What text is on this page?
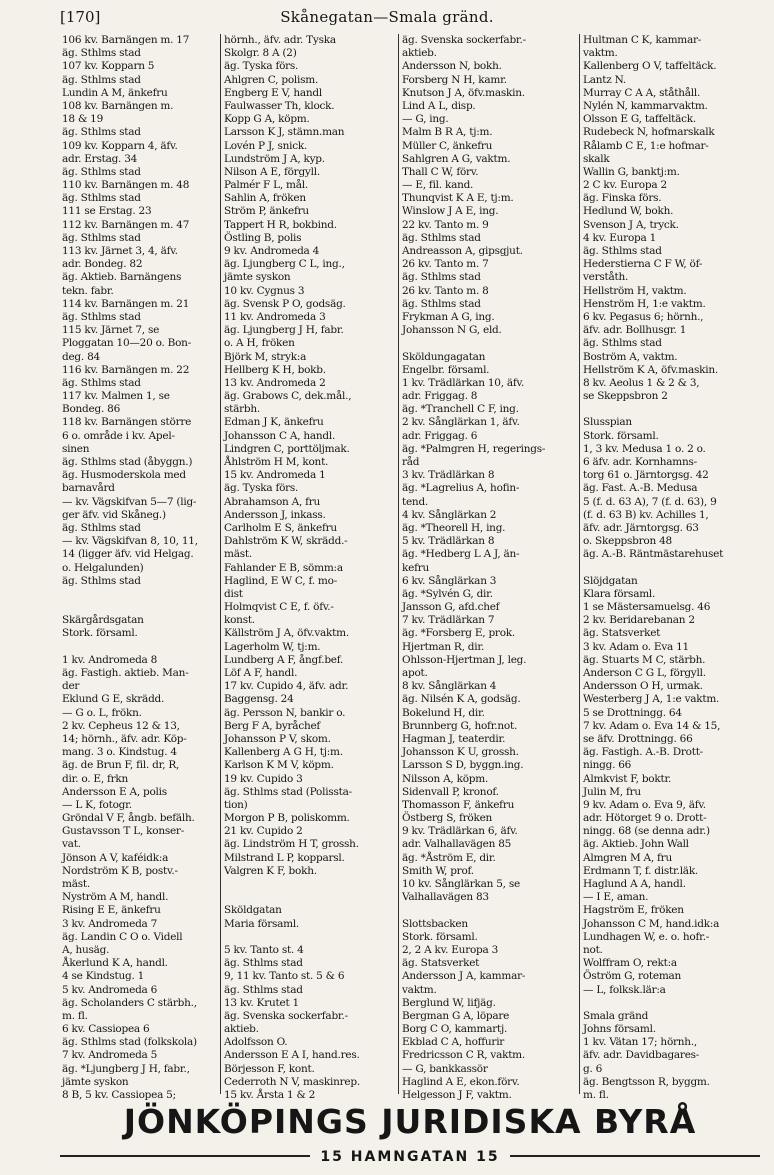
[170]	Skånegatan—Smala gränd.
106 kv. Barnängen m. 17
äg. Sthlms stad
107 kv. Kopparn 5
äg. Sthlms stad
Lundin A M, änkefru
108 kv. Barnängen m.
18 & 19
äg. Sthlms stad
109 kv. Kopparn 4, äfv.
adr. Erstag. 34
äg. Sthlms stad
110 kv. Barnängen m. 48
äg. Sthlms stad
111 se Erstag. 23
112 kv. Barnängen m. 47
äg. Sthlms stad
113 kv. Järnet 3, 4, äfv.
adr. Bondeg. 82
äg. Aktieb. Barnängens
tekn. fabr.
114 kv. Barnängen m. 21
äg. Sthlms stad
115 kv. Järnet 7, se
Ploggatan 10—20 o. Bon-
deg. 84
116 kv. Barnängen m. 22
äg. Sthlms stad
117 kv. Malmen 1, se
Bondeg. 86
118 kv. Barnängen större
6 o. område i kv. Apel-
sinen
äg. Sthlms stad (åbyggn.)
äg. Husmoderskola med
barnavård
— kv. Vägskifvan 5—7 (lig-
ger äfv. vid Skåneg.)
äg. Sthlms stad
— kv. Vägskifvan 8, 10, 11,
14 (ligger äfv. vid Helgag.
o. Helgalunden)
äg. Sthlms stad
Skärgårdsgatan
Stork. församl.
1 kv. Andromeda 8
äg. Fastigh. aktieb. Man-
der
Eklund G E, skrädd.
— G o. L, frökn.
2 kv. Cepheus 12 & 13,
14; hörnh., äfv. adr. Köp-
mang. 3 o. Kindstug. 4
äg. de Brun F, fil. dr, R,
dir. o. E, frkn
Andersson E A, polis
— L K, fotogr.
Gröndal V F, ångb. befälh.
Gustavsson T L, konser-
vat.
Jönson A V, kaféidk:a
Nordström K B, postv.-
mäst.
Nyström A M, handl.
Rising E E, änkefru
3 kv. Andromeda 7
äg. Landin C O o. Videll
A, husäg.
Åkerlund K A, handl.
4 se Kindstug. 1
5 kv. Andromeda 6
äg. Scholanders C stärbh.,
m. fl.
6 kv. Cassiopea 6
äg. Sthlms stad (folkskola)
7 kv. Andromeda 5
äg. *Ljungberg J H, fabr.,
jämte syskon
8 B, 5 kv. Cassiopea 5;
hörnh., äfv. adr. Tyska
Skolgr. 8 A (2)
äg. Tyska förs.
Ahlgren C, polism.
Engberg E V, handl
Faulwasser Th, klock.
Kopp G A, köpm.
Larsson K J, stämn.man
Lovén P J, snick.
Lundström J A, kyp.
Nilson A E, förgyll.
Palmér F L, mål.
Sahlin A, fröken
Ström P, änkefru
Tappert H R, bokbind.
Östling B, polis
9 kv. Andromeda 4
äg. Ljungberg C L, ing.,
jämte syskon
10 kv. Cygnus 3
äg. Svensk P O, godsäg.
11 kv. Andromeda 3
äg. Ljungberg J H, fabr.
o. A H, fröken
Björk M, stryk:a
Hellberg K H, bokb.
13 kv. Andromeda 2
äg. Grabows C, dek.mål.,
stärbh.
Edman J K, änkefru
Johansson C A, handl.
Lindgren C, porttöljmak.
Åhlström H M, kont.
15 kv. Andromeda 1
äg. Tyska förs.
Abrahamson A, fru
Andersson J, inkass.
Carlholm E S, änkefru
Dahlström K W, skrädd.-
mäst.
Fahlander E B, sömm:a
Haglind, E W C, f. mo-
dist
Holmqvist C E, f. öfv.-
konst.
Källström J A, öfv.vaktm.
Lagerholm W, tj:m.
Lundberg A F, ångf.bef.
Löf A F, handl.
17 kv. Cupido 4, äfv. adr.
Baggensg. 24
äg. Persson N, bankir o.
Berg F A, byråchef
Johansson P V, skom.
Kallenberg A G H, tj:m.
Karlson K M V, köpm.
19 kv. Cupido 3
äg. Sthlms stad (Polissta-
tion)
Morgon P B, poliskomm.
21 kv. Cupido 2
äg. Lindström H T, grossh.
Milstrand L P, kopparsl.
Valgren K F, bokh.
Sköldgatan
Maria församl.
5 kv. Tanto st. 4
äg. Sthlms stad
9, 11 kv. Tanto st. 5 & 6
äg. Sthlms stad
13 kv. Krutet 1
äg. Svenska sockerfabr.-
aktieb.
Adolfsson O.
Andersson E A I, hand.res.
Börjesson F, kont.
Cederroth N V, maskinrep.
15 kv. Årsta 1 & 2
äg. Svenska sockerfabr.-
aktieb.
Andersson N, bokh.
Forsberg N H, kamr.
Knutson J A, öfv.maskin.
Lind A L, disp.
— G, ing.
Malm B R A, tj:m.
Müller C, änkefru
Sahlgren A G, vaktm.
Thall C W, förv.
— E, fil. kand.
Thunqvist K A E, tj:m.
Winslow J A E, ing.
22 kv. Tanto m. 9
äg. Sthlms stad
Andreasson A, gipsgjut.
26 kv. Tanto m. 7
äg. Sthlms stad
26 kv. Tanto m. 8
äg. Sthlms stad
Frykman A G, ing.
Johansson N G, eld.
Sköldungagatan
Engelbr. församl.
1 kv. Trädlärkan 10, äfv.
adr. Friggag. 8
äg. *Tranchell C F, ing.
2 kv. Sånglärkan 1, äfv.
adr. Friggag. 6
äg. *Palmgren H, regerings-
råd
3 kv. Trädlärkan 8
äg. *Lagrelius A, hofin-
tend.
4 kv. Sånglärkan 2
äg. *Theorell H, ing.
5 kv. Trädlärkan 8
äg. *Hedberg L A J, än-
kefru
6 kv. Sånglärkan 3
äg. *Sylvén G, dir.
Jansson G, afd.chef
7 kv. Trädlärkan 7
äg. *Forsberg E, prok.
Hjertman R, dir.
Ohlsson-Hjertman J, leg.
apot.
8 kv. Sånglärkan 4
äg. Nilsén K A, godsäg.
Bokelund H, dir.
Brunnberg G, hofr.not.
Hagman J, teaterdir.
Johansson K U, grossh.
Larsson S D, byggn.ing.
Nilsson A, köpm.
Sidenvall P, kronof.
Thomasson F, änkefru
Östberg S, fröken
9 kv. Trädlärkan 6, äfv.
adr. Valhallavägen 85
äg. *Åström E, dir.
Smith W, prof.
10 kv. Sånglärkan 5, se
Valhallavägen 83
Slottsbacken
Stork. församl.
2, 2 A kv. Europa 3
äg. Statsverket
Andersson J A, kammar-
vaktm.
Berglund W, lifjäg.
Bergman G A, löpare
Borg C O, kammartj.
Ekblad C A, hoffurir
Fredricsson C R, vaktm.
— G, bankkassör
Haglind A E, ekon.förv.
Helgesson J F, vaktm.
Hultman C K, kammar-
vaktm.
Kallenberg O V, taffeltäck.
Lantz N.
Murray C A A, ståthåll.
Nylén N, kammarvaktm.
Olsson E G, taffeltäck.
Rudebeck N, hofmarskalk
Rålamb C E, 1:e hofmar-
skalk
Wallin G, banktj:m.
2 C kv. Europa 2
äg. Finska förs.
Hedlund W, bokh.
Svenson J A, tryck.
4 kv. Europa 1
äg. Sthlms stad
Hederstierna C F W, öf-
verståth.
Hellström H, vaktm.
Henström H, 1:e vaktm.
6 kv. Pegasus 6; hörnh.,
äfv. adr. Bollhusgr. 1
äg. Sthlms stad
Boström A, vaktm.
Hellström K A, öfv.maskin.
8 kv. Aeolus 1 & 2 & 3,
se Skeppsbron 2
Slusspian
Stork. församl.
1, 3 kv. Medusa 1 o. 2 o.
6 äfv. adr. Kornhamns-
torg 61 o. Järntorgsg. 42
äg. Fast. A.-B. Medusa
5 (f. d. 63 A), 7 (f. d. 63), 9
(f. d. 63 B) kv. Achilles 1,
äfv. adr. Järntorgsg. 63
o. Skeppsbron 48
äg. A.-B. Räntmästarehuset
Slöjdgatan
Klara församl.
1 se Mästersamuelsg. 46
2 kv. Beridarebanan 2
äg. Statsverket
3 kv. Adam o. Eva 11
äg. Stuarts M C, stärbh.
Anderson C G L, förgyll.
Andersson O H, urmak.
Westerberg J A, 1:e vaktm.
5 se Drottningg. 64
7 kv. Adam o. Eva 14 & 15,
se äfv. Drottningg. 66
äg. Fastigh. A.-B. Drott-
ningg. 66
Almkvist F, boktr.
Julin M, fru
9 kv. Adam o. Eva 9, äfv.
adr. Hötorget 9 o. Drott-
ningg. 68 (se denna adr.)
äg. Aktieb. John Wall
Almgren M A, fru
Erdmann T, f. distr.läk.
Haglund A A, handl.
— I E, aman.
Hagström E, fröken
Johansson C M, hand.idk:a
Lundhagen W, e. o. hofr.-
not.
Wolffram O, rekt:a
Öström G, roteman
— L, folksk.lär:a
Smala gränd
Johns församl.
1 kv. Vätan 17; hörnh.,
äfv. adr. Davidbagares-
g. 6
äg. Bengtsson R, byggm.
m. fl.
JÖNKÖPINGS JURIDISKA BYRÅ
15 HAMNGATAN 15
